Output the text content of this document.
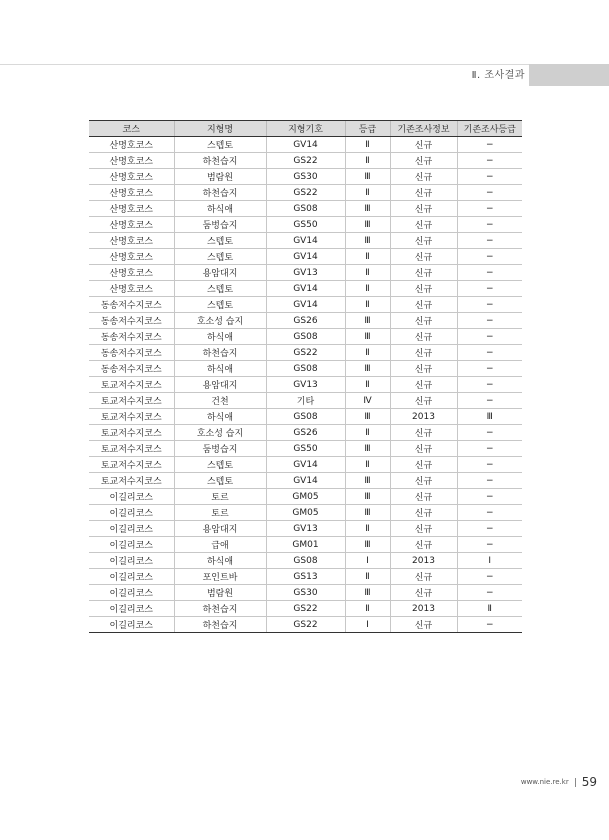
Ⅱ. 조사결과
코스	지형명	지형기호	등급	기존조사정보	기존조사등급
산명호코스	스텝토	GV14	Ⅱ	신규	−
산명호코스	하천습지	GS22	Ⅱ	신규	−
산명호코스	범람원	GS30	Ⅲ	신규	−
산명호코스	하천습지	GS22	Ⅱ	신규	−
산명호코스	하식애	GS08	Ⅲ	신규	−
산명호코스	둠벙습지	GS50	Ⅲ	신규	−
산명호코스	스텝토	GV14	Ⅲ	신규	−
산명호코스	스텝토	GV14	Ⅱ	신규	−
산명호코스	용암대지	GV13	Ⅱ	신규	−
산명호코스	스텝토	GV14	Ⅱ	신규	−
동송저수지코스	스텝토	GV14	Ⅱ	신규	−
동송저수지코스	호소성 습지	GS26	Ⅲ	신규	−
동송저수지코스	하식애	GS08	Ⅲ	신규	−
동송저수지코스	하천습지	GS22	Ⅱ	신규	−
동송저수지코스	하식애	GS08	Ⅲ	신규	−
토교저수지코스	용암대지	GV13	Ⅱ	신규	−
토교저수지코스	건천	기타	Ⅳ	신규	−
토교저수지코스	하식애	GS08	Ⅲ	2013	Ⅲ
토교저수지코스	호소성 습지	GS26	Ⅱ	신규	−
토교저수지코스	둠벙습지	GS50	Ⅲ	신규	−
토교저수지코스	스텝토	GV14	Ⅱ	신규	−
토교저수지코스	스텝토	GV14	Ⅲ	신규	−
이길리코스	토르	GM05	Ⅲ	신규	−
이길리코스	토르	GM05	Ⅲ	신규	−
이길리코스	용암대지	GV13	Ⅱ	신규	−
이길리코스	급애	GM01	Ⅲ	신규	−
이길리코스	하식애	GS08	Ⅰ	2013	Ⅰ
이길리코스	포인트바	GS13	Ⅱ	신규	−
이길리코스	범람원	GS30	Ⅲ	신규	−
이길리코스	하천습지	GS22	Ⅱ	2013	Ⅱ
이길리코스	하천습지	GS22	Ⅰ	신규	−
www.nie.re.kr 59
